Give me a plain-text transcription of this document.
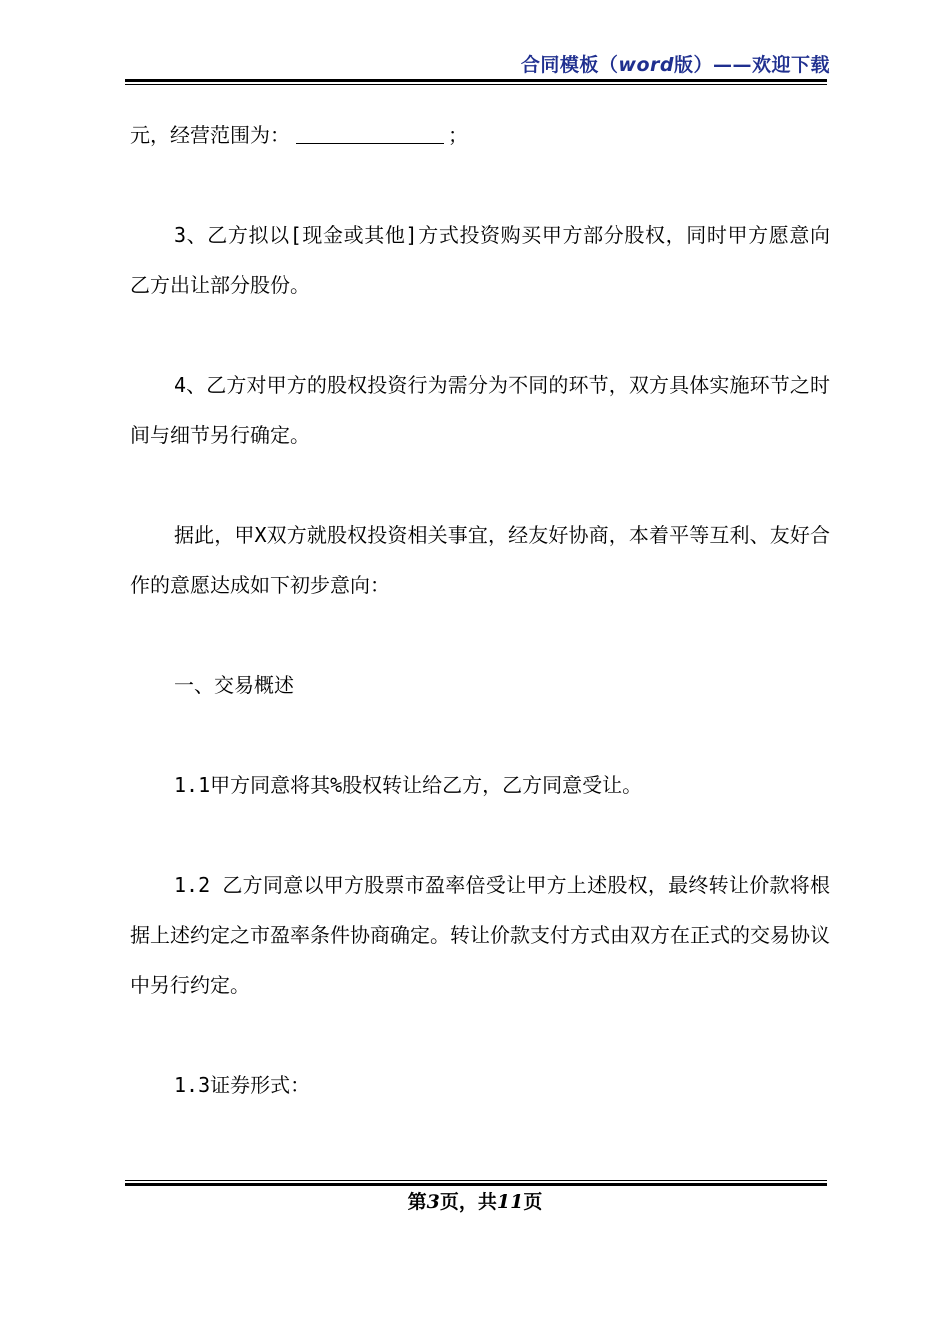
合同模板（word版）——欢迎下载

元，经营范围为：	；

3、乙方拟以[现金或其他]方式投资购买甲方部分股权，同时甲方愿意向乙方出让部分股份。

4、乙方对甲方的股权投资行为需分为不同的环节，双方具体实施环节之时间与细节另行确定。

据此，甲X双方就股权投资相关事宜，经友好协商，本着平等互利、友好合作的意愿达成如下初步意向：

一、交易概述

1.1甲方同意将其%股权转让给乙方，乙方同意受让。

1.2 乙方同意以甲方股票市盈率倍受让甲方上述股权，最终转让价款将根据上述约定之市盈率条件协商确定。转让价款支付方式由双方在正式的交易协议中另行约定。

1.3证券形式：

第3页，共11页
